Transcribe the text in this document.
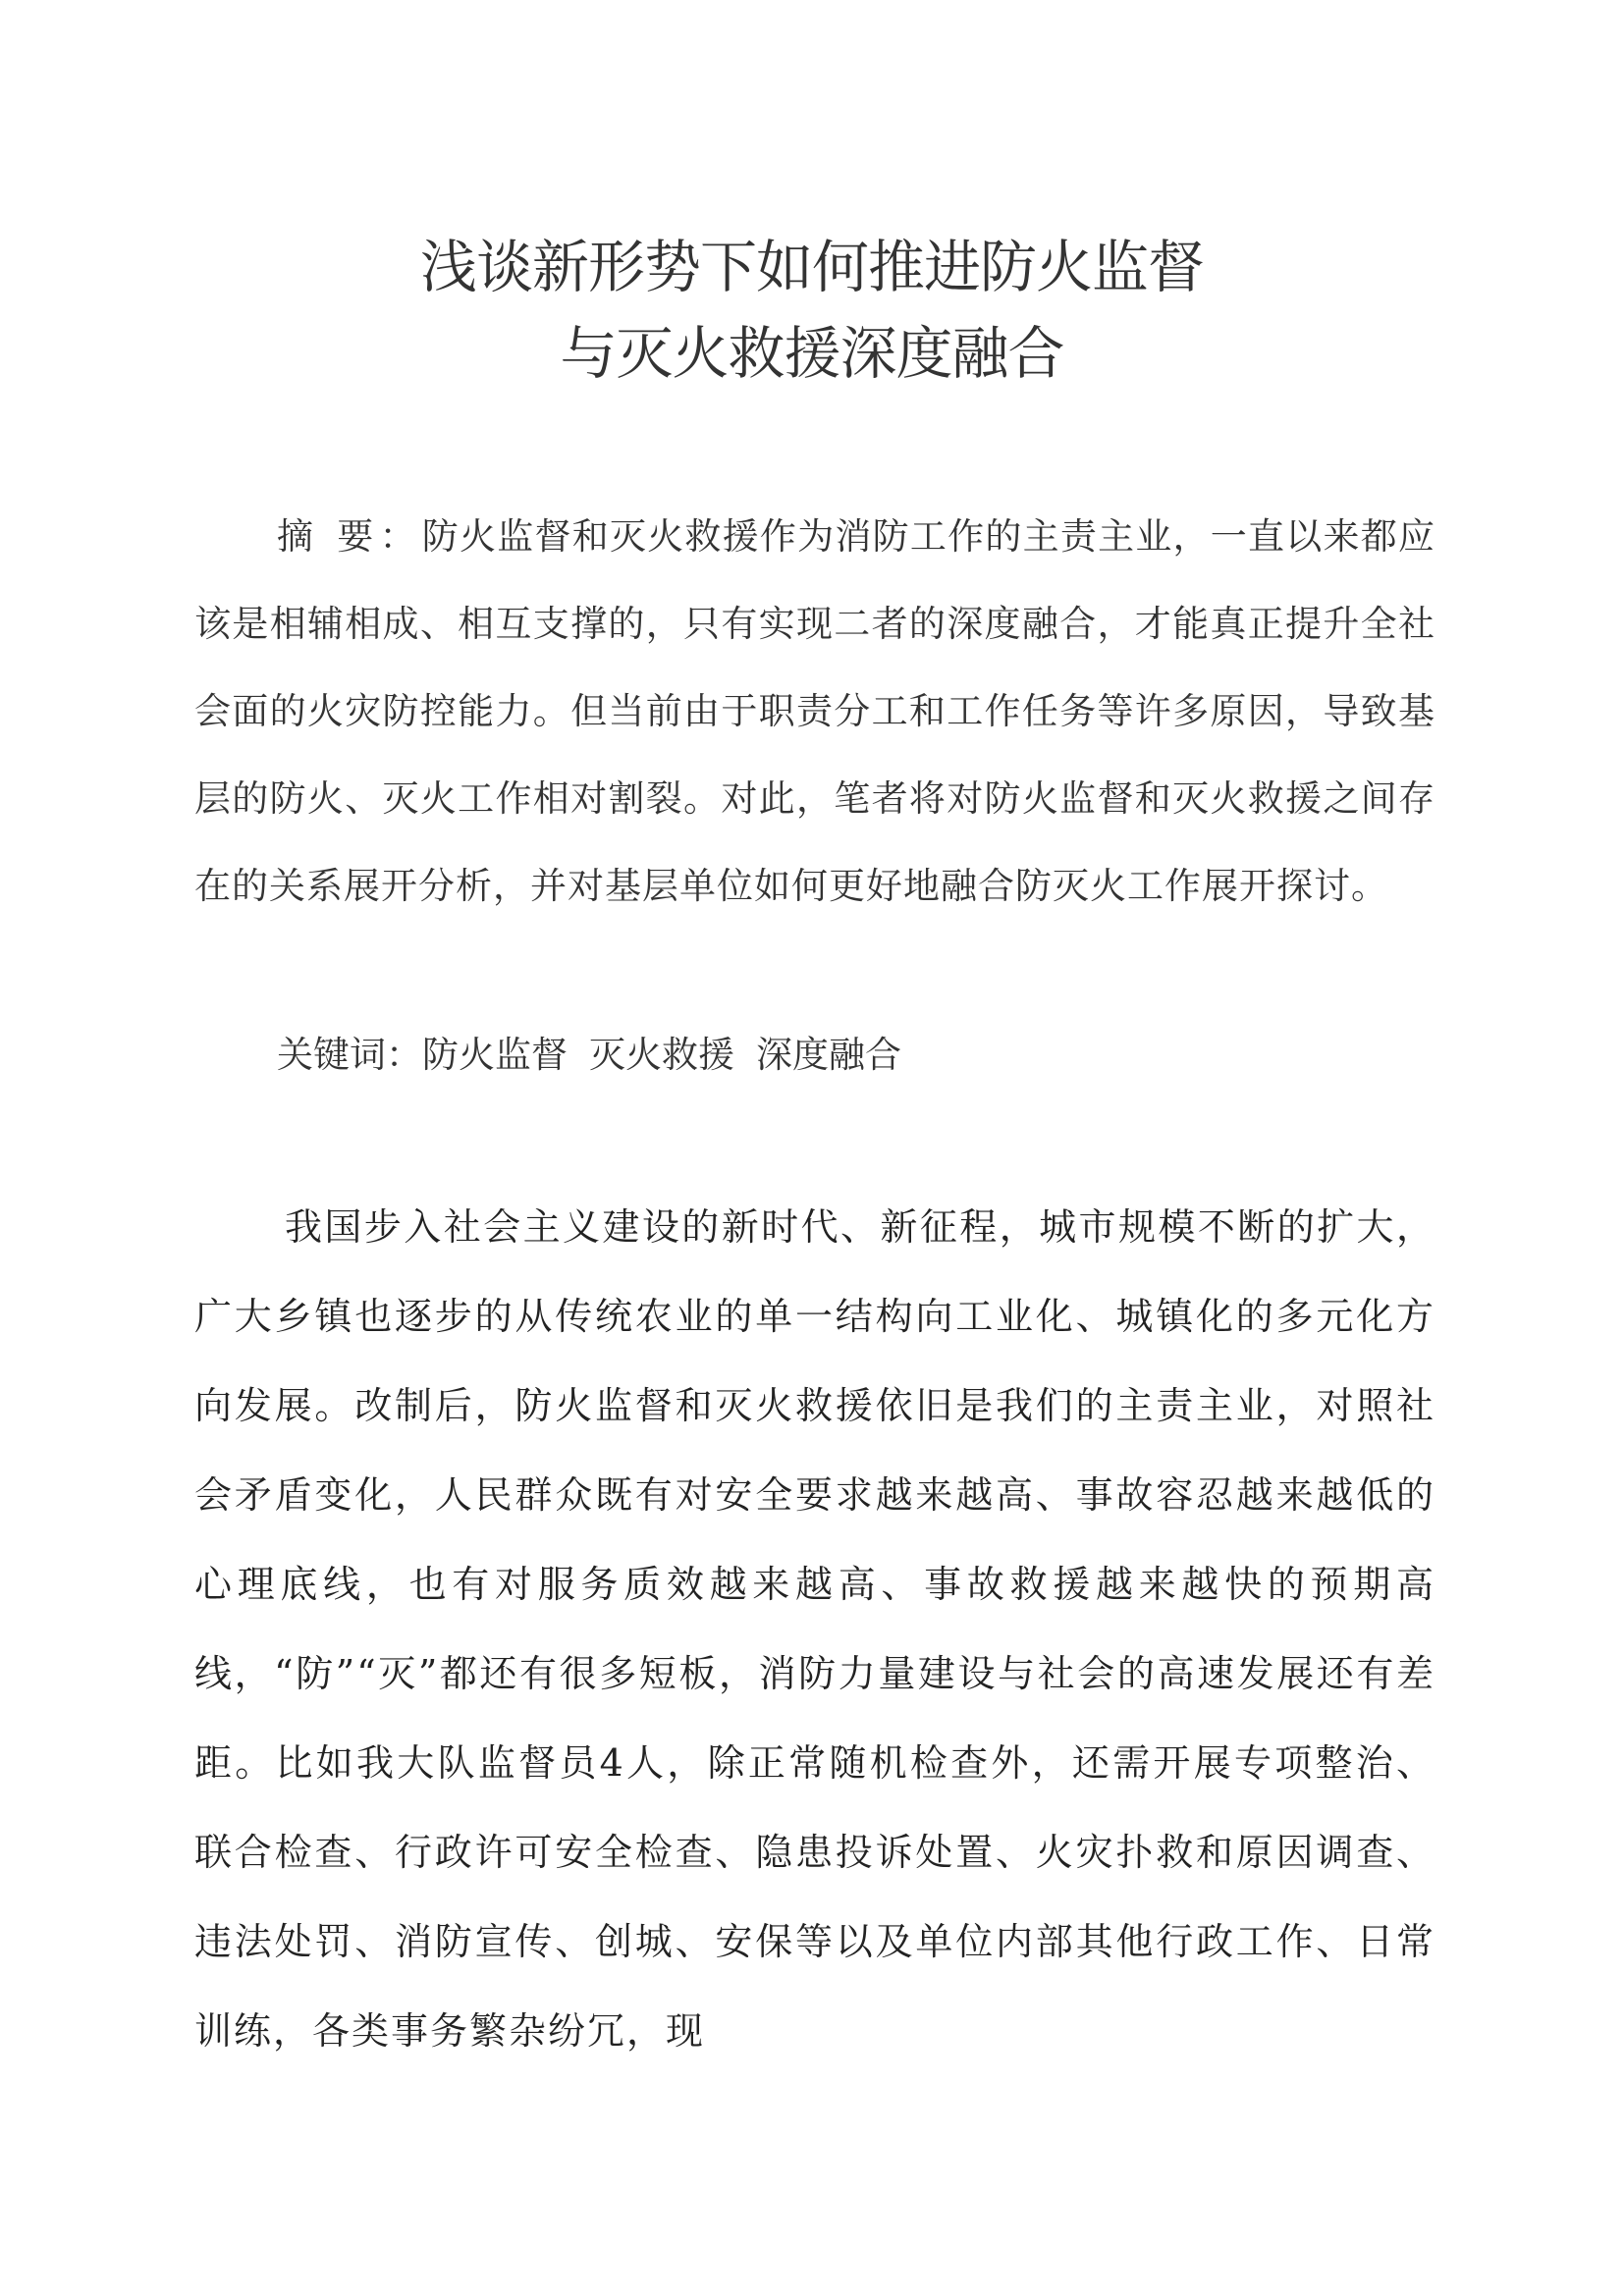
浅谈新形势下如何推进防火监督
与灭火救援深度融合

摘 要：防火监督和灭火救援作为消防工作的主责主业，一直以来都应该是相辅相成、相互支撑的，只有实现二者的深度融合，才能真正提升全社会面的火灾防控能力。但当前由于职责分工和工作任务等许多原因，导致基层的防火、灭火工作相对割裂。对此，笔者将对防火监督和灭火救援之间存在的关系展开分析，并对基层单位如何更好地融合防灭火工作展开探讨。

关键词：防火监督 灭火救援 深度融合

我国步入社会主义建设的新时代、新征程，城市规模不断的扩大，广大乡镇也逐步的从传统农业的单一结构向工业化、城镇化的多元化方向发展。改制后，防火监督和灭火救援依旧是我们的主责主业，对照社会矛盾变化，人民群众既有对安全要求越来越高、事故容忍越来越低的心理底线，也有对服务质效越来越高、事故救援越来越快的预期高线，“防”“灭”都还有很多短板，消防力量建设与社会的高速发展还有差距。比如我大队监督员4人，除正常随机检查外，还需开展专项整治、联合检查、行政许可安全检查、隐患投诉处置、火灾扑救和原因调查、违法处罚、消防宣传、创城、安保等以及单位内部其他行政工作、日常训练，各类事务繁杂纷冗，现
